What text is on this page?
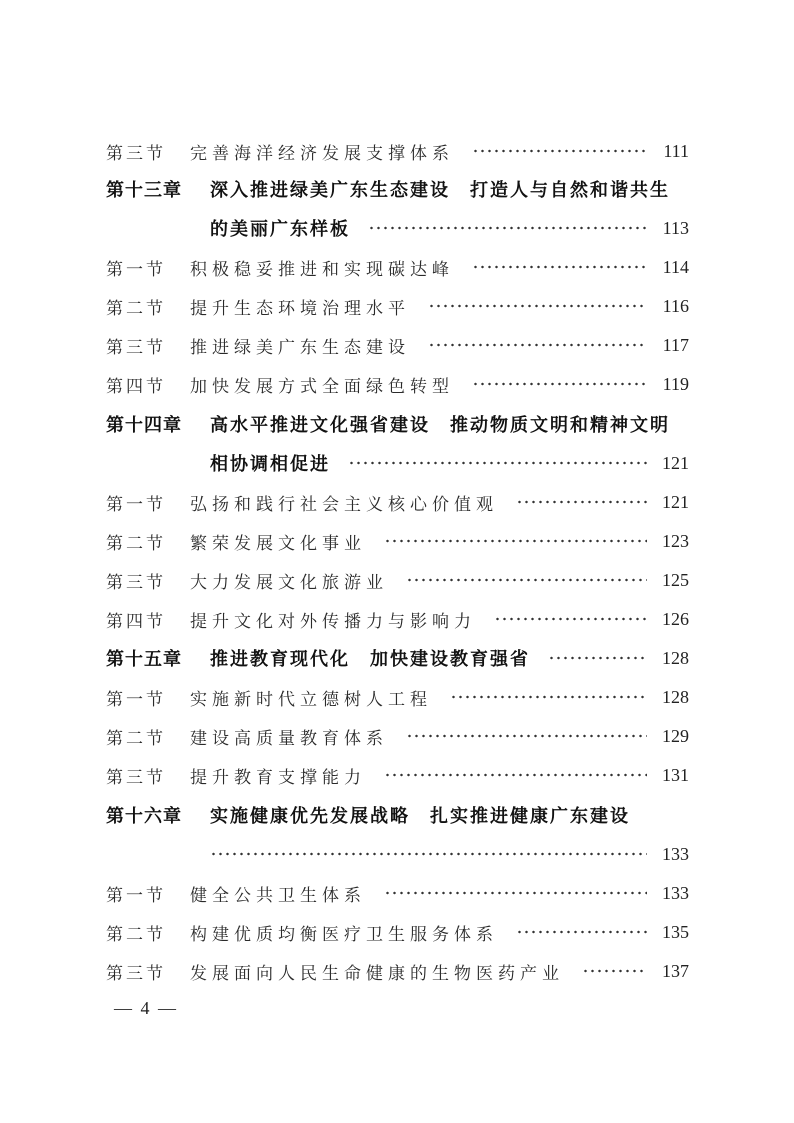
第三节 完善海洋经济发展支撑体系	111
第十三章 深入推进绿美广东生态建设　打造人与自然和谐共生
的美丽广东样板	113
第一节 积极稳妥推进和实现碳达峰	114
第二节 提升生态环境治理水平	116
第三节 推进绿美广东生态建设	117
第四节 加快发展方式全面绿色转型	119
第十四章 高水平推进文化强省建设　推动物质文明和精神文明
相协调相促进	121
第一节 弘扬和践行社会主义核心价值观	121
第二节 繁荣发展文化事业	123
第三节 大力发展文化旅游业	125
第四节 提升文化对外传播力与影响力	126
第十五章 推进教育现代化　加快建设教育强省	128
第一节 实施新时代立德树人工程	128
第二节 建设高质量教育体系	129
第三节 提升教育支撑能力	131
第十六章 实施健康优先发展战略　扎实推进健康广东建设
133
第一节 健全公共卫生体系	133
第二节 构建优质均衡医疗卫生服务体系	135
第三节 发展面向人民生命健康的生物医药产业	137
— 4 —
